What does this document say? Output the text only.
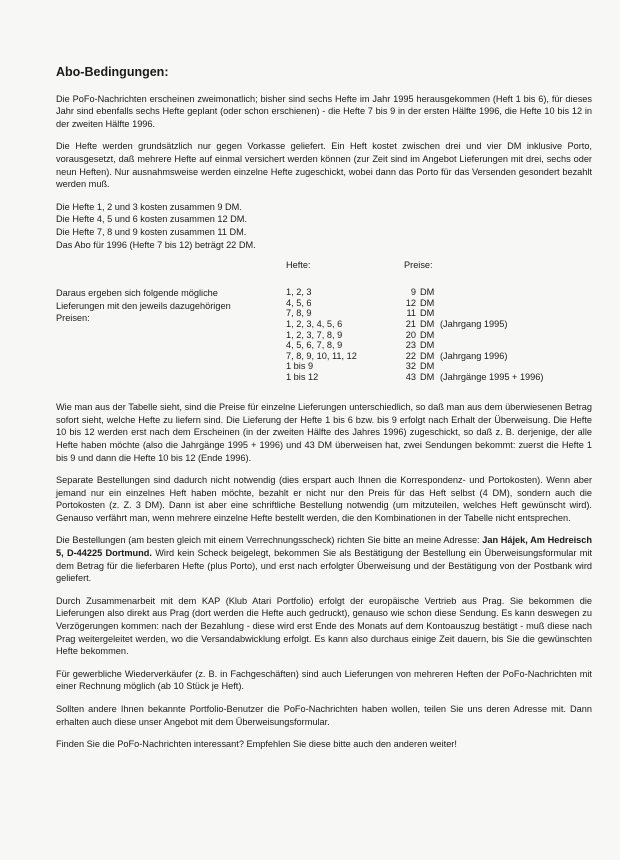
Abo-Bedingungen:

Die PoFo-Nachrichten erscheinen zweimonatlich; bisher sind sechs Hefte im Jahr 1995 herausgekommen (Heft 1 bis 6), für dieses Jahr sind ebenfalls sechs Hefte geplant (oder schon erschienen) - die Hefte 7 bis 9 in der ersten Hälfte 1996, die Hefte 10 bis 12 in der zweiten Hälfte 1996.

Die Hefte werden grundsätzlich nur gegen Vorkasse geliefert. Ein Heft kostet zwischen drei und vier DM inklusive Porto, vorausgesetzt, daß mehrere Hefte auf einmal versichert werden können (zur Zeit sind im Angebot Lieferungen mit drei, sechs oder neun Heften). Nur ausnahmsweise werden einzelne Hefte zugeschickt, wobei dann das Porto für das Versenden gesondert bezahlt werden muß.

Die Hefte 1, 2 und 3 kosten zusammen 9 DM.
Die Hefte 4, 5 und 6 kosten zusammen 12 DM.
Die Hefte 7, 8 und 9 kosten zusammen 11 DM.
Das Abo für 1996 (Hefte 7 bis 12) beträgt 22 DM.
Daraus ergeben sich folgende mögliche Lieferungen mit den jeweils dazugehörigen Preisen:
Hefte:	Preise:
1, 2, 3	9 DM
4, 5, 6	12 DM
7, 8, 9	11 DM
1, 2, 3, 4, 5, 6	21 DM (Jahrgang 1995)
1, 2, 3, 7, 8, 9	20 DM
4, 5, 6, 7, 8, 9	23 DM
7, 8, 9, 10, 11, 12	22 DM (Jahrgang 1996)
1 bis 9	32 DM
1 bis 12	43 DM (Jahrgänge 1995 + 1996)

Wie man aus der Tabelle sieht, sind die Preise für einzelne Lieferungen unterschiedlich, so daß man aus dem überwiesenen Betrag sofort sieht, welche Hefte zu liefern sind. Die Lieferung der Hefte 1 bis 6 bzw. bis 9 erfolgt nach Erhalt der Überweisung. Die Hefte 10 bis 12 werden erst nach dem Erscheinen (in der zweiten Hälfte des Jahres 1996) zugeschickt, so daß z. B. derjenige, der alle Hefte haben möchte (also die Jahrgänge 1995 + 1996) und 43 DM überweisen hat, zwei Sendungen bekommt: zuerst die Hefte 1 bis 9 und dann die Hefte 10 bis 12 (Ende 1996).

Separate Bestellungen sind dadurch nicht notwendig (dies erspart auch Ihnen die Korrespondenz- und Portokosten). Wenn aber jemand nur ein einzelnes Heft haben möchte, bezahlt er nicht nur den Preis für das Heft selbst (4 DM), sondern auch die Portokosten (z. Z. 3 DM). Dann ist aber eine schriftliche Bestellung notwendig (um mitzuteilen, welches Heft gewünscht wird). Genauso verfährt man, wenn mehrere einzelne Hefte bestellt werden, die den Kombinationen in der Tabelle nicht entsprechen.

Die Bestellungen (am besten gleich mit einem Verrechnungsscheck) richten Sie bitte an meine Adresse: Jan Hájek, Am Hedreisch 5, D-44225 Dortmund. Wird kein Scheck beigelegt, bekommen Sie als Bestätigung der Bestellung ein Überweisungsformular mit dem Betrag für die lieferbaren Hefte (plus Porto), und erst nach erfolgter Überweisung und der Bestätigung von der Postbank wird geliefert.

Durch Zusammenarbeit mit dem KAP (Klub Atari Portfolio) erfolgt der europäische Vertrieb aus Prag. Sie bekommen die Lieferungen also direkt aus Prag (dort werden die Hefte auch gedruckt), genauso wie schon diese Sendung. Es kann deswegen zu Verzögerungen kommen: nach der Bezahlung - diese wird erst Ende des Monats auf dem Kontoauszug bestätigt - muß diese nach Prag weitergeleitet werden, wo die Versandabwicklung erfolgt. Es kann also durchaus einige Zeit dauern, bis Sie die gewünschten Hefte bekommen.

Für gewerbliche Wiederverkäufer (z. B. in Fachgeschäften) sind auch Lieferungen von mehreren Heften der PoFo-Nachrichten mit einer Rechnung möglich (ab 10 Stück je Heft).

Sollten andere Ihnen bekannte Portfolio-Benutzer die PoFo-Nachrichten haben wollen, teilen Sie uns deren Adresse mit. Dann erhalten auch diese unser Angebot mit dem Überweisungsformular.

Finden Sie die PoFo-Nachrichten interessant? Empfehlen Sie diese bitte auch den anderen weiter!
